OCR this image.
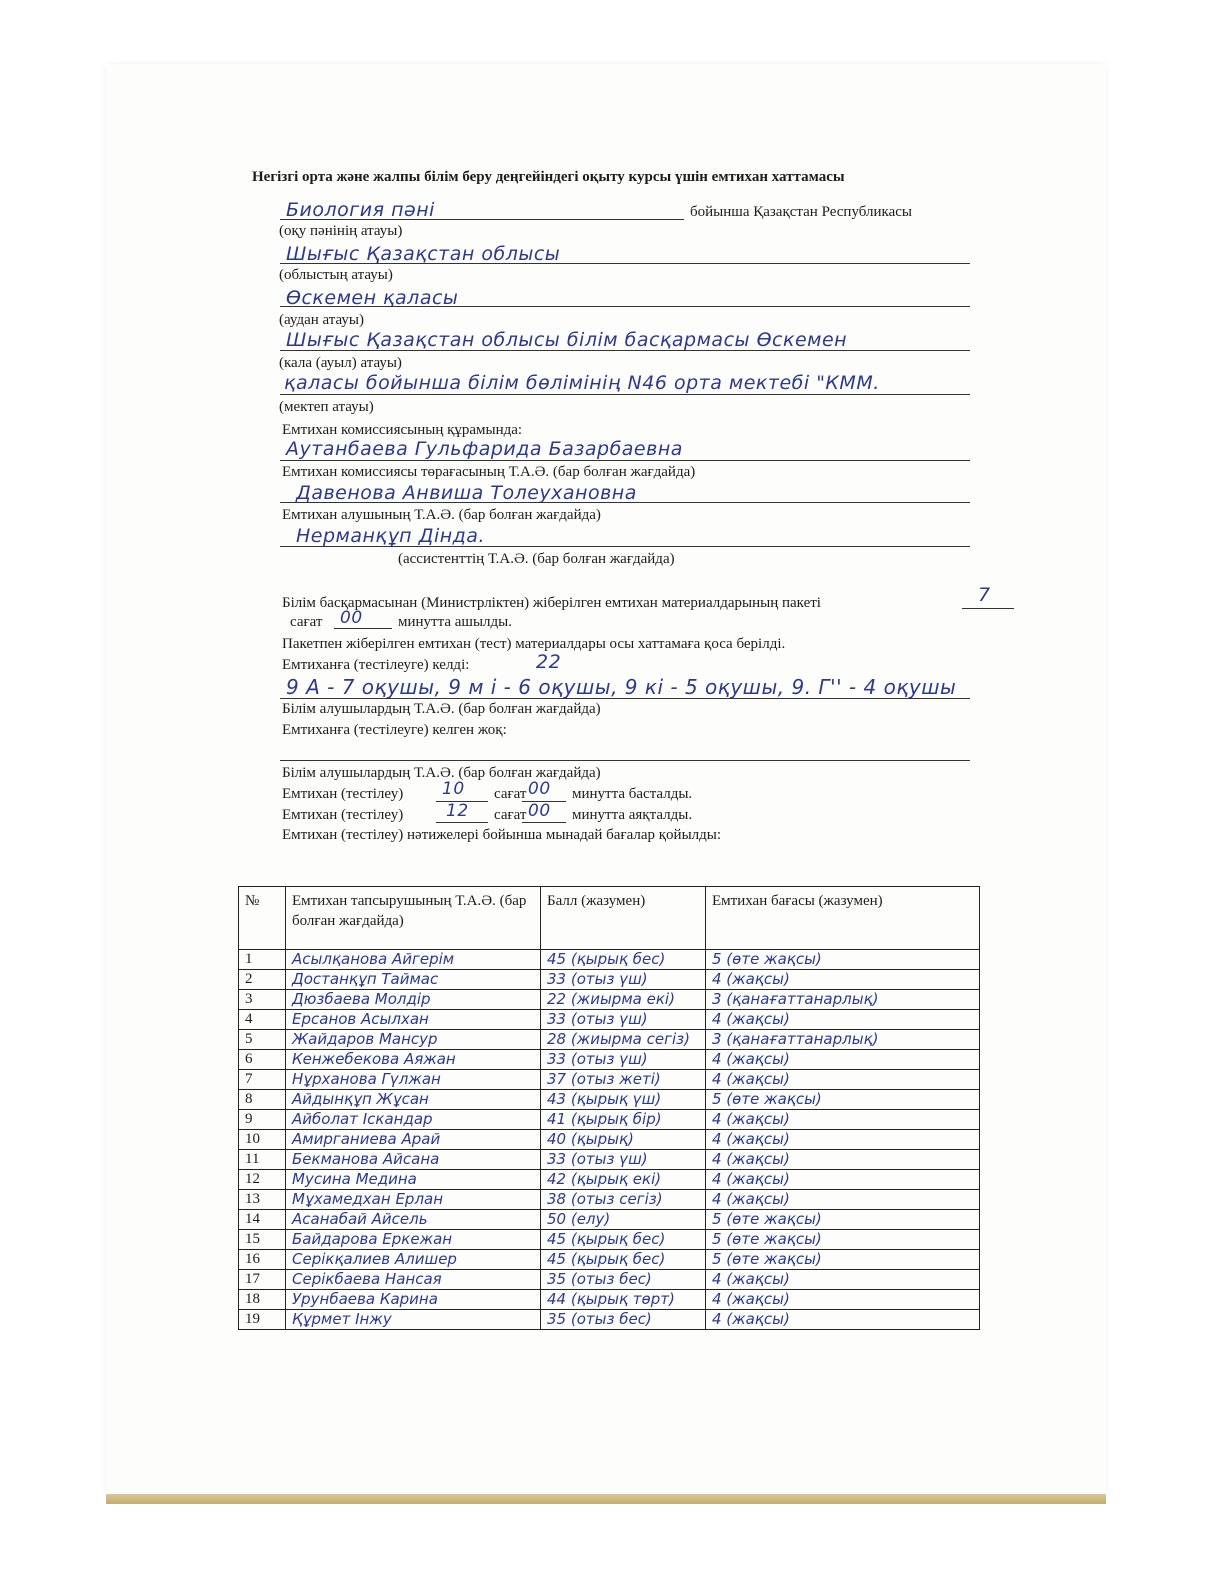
Негізгі орта және жалпы білім беру деңгейіндегі оқыту курсы үшін емтихан хаттамасы
Биология пәні	бойынша Қазақстан Республикасы
(оқу пәнінің атауы)
Шығыс Қазақстан облысы
(облыстың атауы)
Өскемен қаласы
(аудан атауы)
Шығыс Қазақстан облысы білім басқармасы Өскемен
(кала (ауыл) атауы)
қаласы бойынша білім бөлімінің N46 орта мектебі "КММ.
(мектеп атауы)
Емтихан комиссиясының құрамында:
Аутанбаева Гульфарида Базарбаевна
Емтихан комиссиясы төрағасының Т.А.Ә. (бар болған жағдайда)
Давенова Анвиша Толеухановна
Емтихан алушының Т.А.Ә. (бар болған жағдайда)
Нерманқұп Дінда.
(ассистенттің Т.А.Ә. (бар болған жағдайда)
Білім басқармасынан (Министрліктен) жіберілген емтихан материалдарының пакеті	7
сағат 00 минутта ашылды.
Пакетпен жіберілген емтихан (тест) материалдары осы хаттамаға қоса берілді.
Емтиханға (тестілеуге) келді:	22
9 А - 7 оқушы, 9 м і - 6 оқушы, 9 кі - 5 оқушы, 9. Г'' - 4 оқушы
Білім алушылардың Т.А.Ә. (бар болған жағдайда)
Емтиханға (тестілеуге) келген жоқ:
Білім алушылардың Т.А.Ә. (бар болған жағдайда)
Емтихан (тестілеу) 10 сағат 00 минутта басталды.
Емтихан (тестілеу)	12 сағат 00 минутта аяқталды.
Емтихан (тестілеу) нәтижелері бойынша мынадай бағалар қойылды:
№	Емтихан тапсырушының Т.А.Ә. (бар болған жағдайда)	Балл (жазумен)	Емтихан бағасы (жазумен)
1	Асылқанова Айгерім	45 (қырық бес)	5 (өте жақсы)
2	Достанқұп Таймас	33 (отыз үш)	4 (жақсы)
3	Дюзбаева Молдір	22 (жиырма екі)	3 (қанағаттанарлық)
4	Ерсанов Асылхан	33 (отыз үш)	4 (жақсы)
5	Жайдаров Мансур	28 (жиырма сегіз)	3 (қанағаттанарлық)
6	Кенжебекова Аяжан	33 (отыз үш)	4 (жақсы)
7	Нұрханова Гүлжан	37 (отыз жеті)	4 (жақсы)
8	Айдынқұп Жұсан	43 (қырық үш)	5 (өте жақсы)
9	Айболат Іскандар	41 (қырық бір)	4 (жақсы)
10	Амирганиева Арай	40 (қырық)	4 (жақсы)
11	Бекманова Айсана	33 (отыз үш)	4 (жақсы)
12	Мусина Медина	42 (қырық екі)	4 (жақсы)
13	Мұхамедхан Ерлан	38 (отыз сегіз)	4 (жақсы)
14	Асанабай Айсель	50 (елу)	5 (өте жақсы)
15	Байдарова Еркежан	45 (қырық бес)	5 (өте жақсы)
16	Серікқалиев Алишер	45 (қырық бес)	5 (өте жақсы)
17	Серікбаева Нансая	35 (отыз бес)	4 (жақсы)
18	Урунбаева Карина	44 (қырық төрт)	4 (жақсы)
19	Құрмет Інжу	35 (отыз бес)	4 (жақсы)
